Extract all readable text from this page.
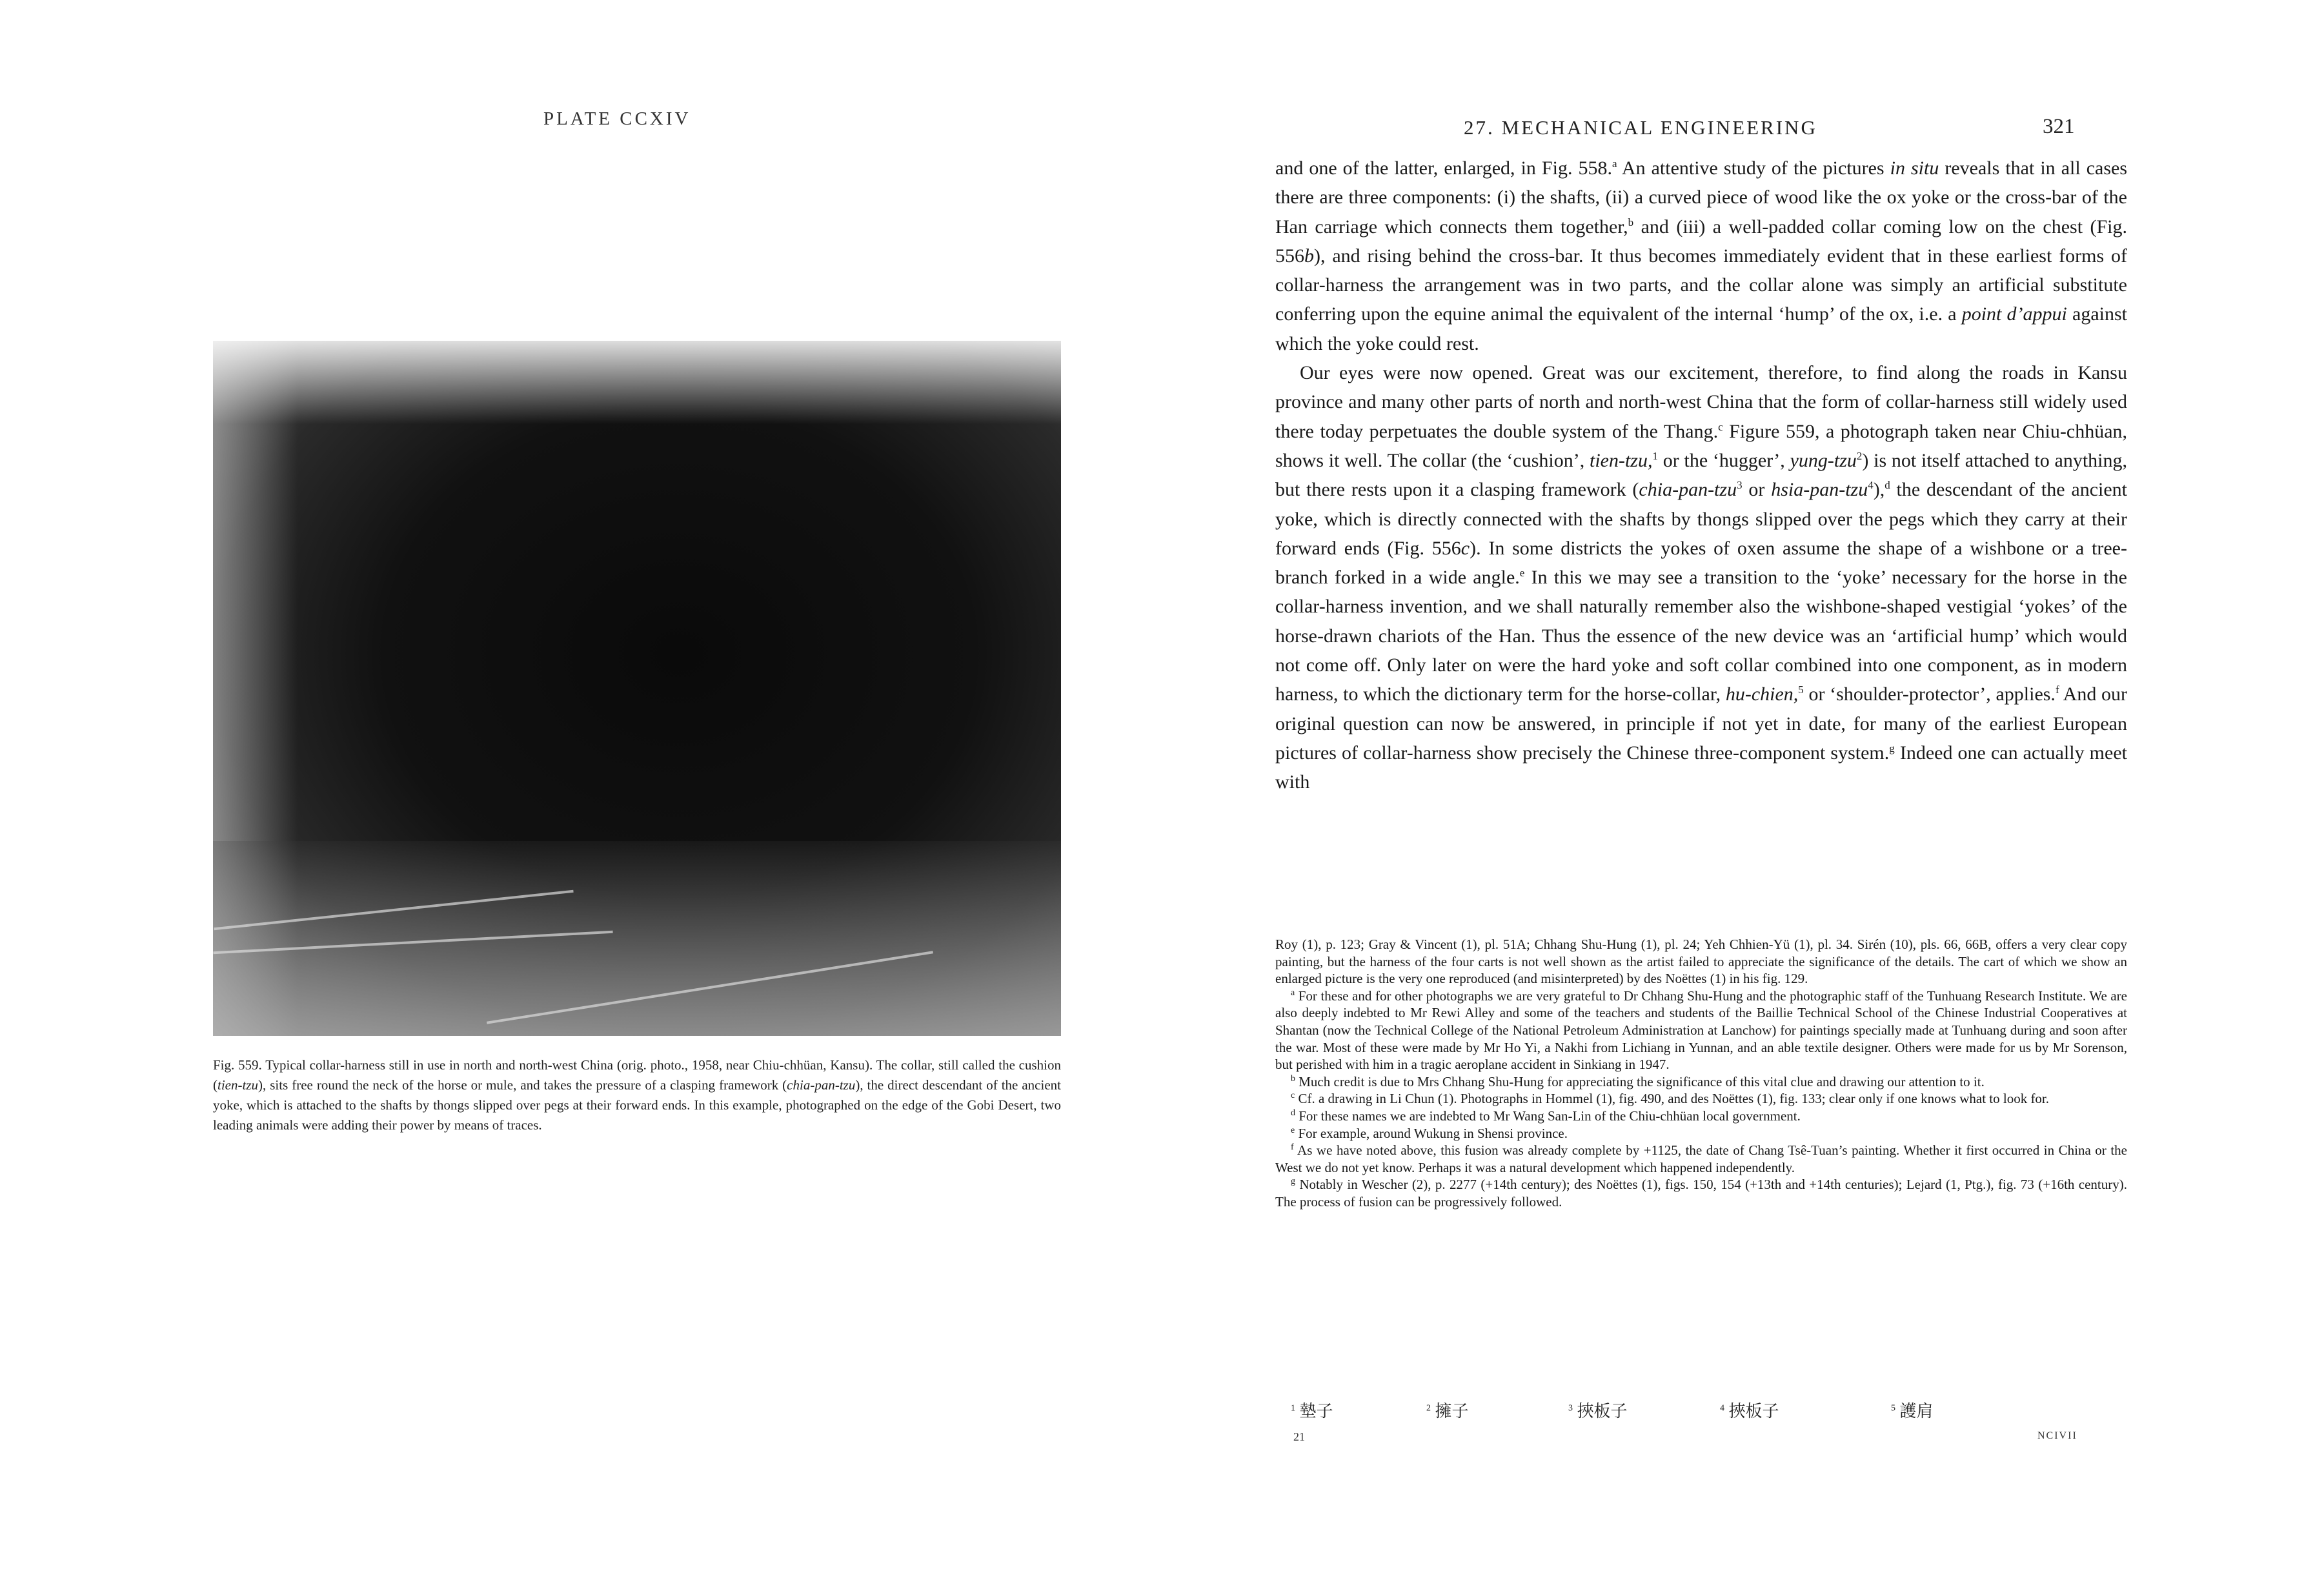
PLATE CCXIV
Fig. 559. Typical collar-harness still in use in north and north-west China (orig. photo., 1958, near Chiu-chhüan, Kansu). The collar, still called the cushion (tien-tzu), sits free round the neck of the horse or mule, and takes the pressure of a clasping framework (chia-pan-tzu), the direct descendant of the ancient yoke, which is attached to the shafts by thongs slipped over pegs at their forward ends. In this example, photographed on the edge of the Gobi Desert, two leading animals were adding their power by means of traces.
27. MECHANICAL ENGINEERING	321

and one of the latter, enlarged, in Fig. 558.$^a$ An attentive study of the pictures in situ reveals that in all cases there are three components: (i) the shafts, (ii) a curved piece of wood like the ox yoke or the cross-bar of the Han carriage which connects them together,$^b$ and (iii) a well-padded collar coming low on the chest (Fig. 556b), and rising behind the cross-bar. It thus becomes immediately evident that in these earliest forms of collar-harness the arrangement was in two parts, and the collar alone was simply an artificial substitute conferring upon the equine animal the equivalent of the internal ‘hump’ of the ox, i.e. a point d’appui against which the yoke could rest.

Our eyes were now opened. Great was our excitement, therefore, to find along the roads in Kansu province and many other parts of north and north-west China that the form of collar-harness still widely used there today perpetuates the double system of the Thang.$^c$ Figure 559, a photograph taken near Chiu-chhüan, shows it well. The collar (the ‘cushion’, tien-tzu,$^1$ or the ‘hugger’, yung-tzu$^2$) is not itself attached to anything, but there rests upon it a clasping framework (chia-pan-tzu$^3$ or hsia-pan-tzu$^4$),$^d$ the descendant of the ancient yoke, which is directly connected with the shafts by thongs slipped over the pegs which they carry at their forward ends (Fig. 556c). In some districts the yokes of oxen assume the shape of a wishbone or a tree-branch forked in a wide angle.$^e$ In this we may see a transition to the ‘yoke’ necessary for the horse in the collar-harness invention, and we shall naturally remember also the wishbone-shaped vestigial ‘yokes’ of the horse-drawn chariots of the Han. Thus the essence of the new device was an ‘artificial hump’ which would not come off. Only later on were the hard yoke and soft collar combined into one component, as in modern harness, to which the dictionary term for the horse-collar, hu-chien,$^5$ or ‘shoulder-protector’, applies.$^f$ And our original question can now be answered, in principle if not yet in date, for many of the earliest European pictures of collar-harness show precisely the Chinese three-component system.$^g$ Indeed one can actually meet with

Roy (1), p. 123; Gray & Vincent (1), pl. 51A; Chhang Shu-Hung (1), pl. 24; Yeh Chhien-Yü (1), pl. 34. Sirén (10), pls. 66, 66B, offers a very clear copy painting, but the harness of the four carts is not well shown as the artist failed to appreciate the significance of the details. The cart of which we show an enlarged picture is the very one reproduced (and misinterpreted) by des Noëttes (1) in his fig. 129.

$^a$ For these and for other photographs we are very grateful to Dr Chhang Shu-Hung and the photographic staff of the Tunhuang Research Institute. We are also deeply indebted to Mr Rewi Alley and some of the teachers and students of the Baillie Technical School of the Chinese Industrial Cooperatives at Shantan (now the Technical College of the National Petroleum Administration at Lanchow) for paintings specially made at Tunhuang during and soon after the war. Most of these were made by Mr Ho Yi, a Nakhi from Lichiang in Yunnan, and an able textile designer. Others were made for us by Mr Sorenson, but perished with him in a tragic aeroplane accident in Sinkiang in 1947.

$^b$ Much credit is due to Mrs Chhang Shu-Hung for appreciating the significance of this vital clue and drawing our attention to it.

$^c$ Cf. a drawing in Li Chun (1). Photographs in Hommel (1), fig. 490, and des Noëttes (1), fig. 133; clear only if one knows what to look for.

$^d$ For these names we are indebted to Mr Wang San-Lin of the Chiu-chhüan local government.

$^e$ For example, around Wukung in Shensi province.

$^f$ As we have noted above, this fusion was already complete by +1125, the date of Chang Tsê-Tuan’s painting. Whether it first occurred in China or the West we do not yet know. Perhaps it was a natural development which happened independently.

$^g$ Notably in Wescher (2), p. 2277 (+14th century); des Noëttes (1), figs. 150, 154 (+13th and +14th centuries); Lejard (1, Ptg.), fig. 73 (+16th century). The process of fusion can be progressively followed.

$^1$ 墊子	$^2$ 擁子	$^3$ 挾板子	$^4$ 挾板子	$^5$ 護肩
21	NCIVII
